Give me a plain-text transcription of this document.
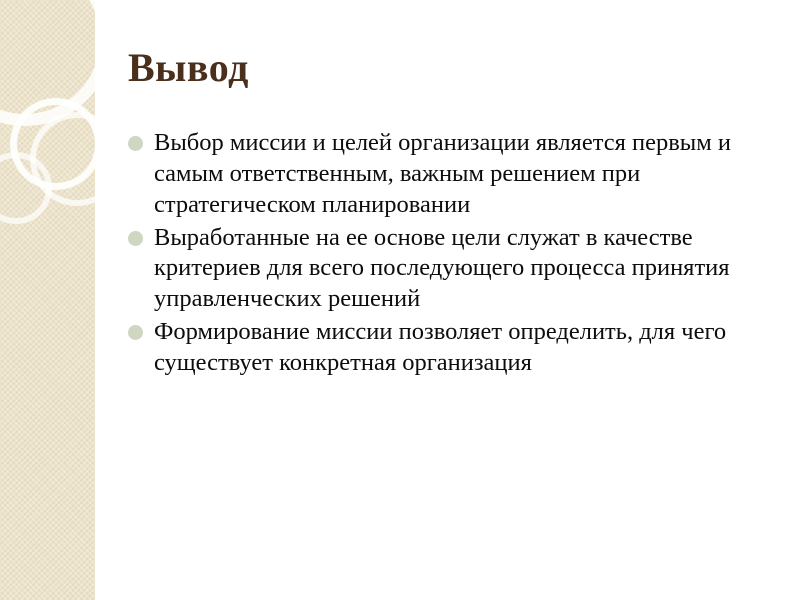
Вывод
Выбор миссии и целей организации является первым и самым ответственным, важным решением при стратегическом планировании
Выработанные на ее основе цели служат в качестве критериев для всего последующего процесса принятия управленческих решений
Формирование миссии позволяет определить, для чего существует конкретная организация
